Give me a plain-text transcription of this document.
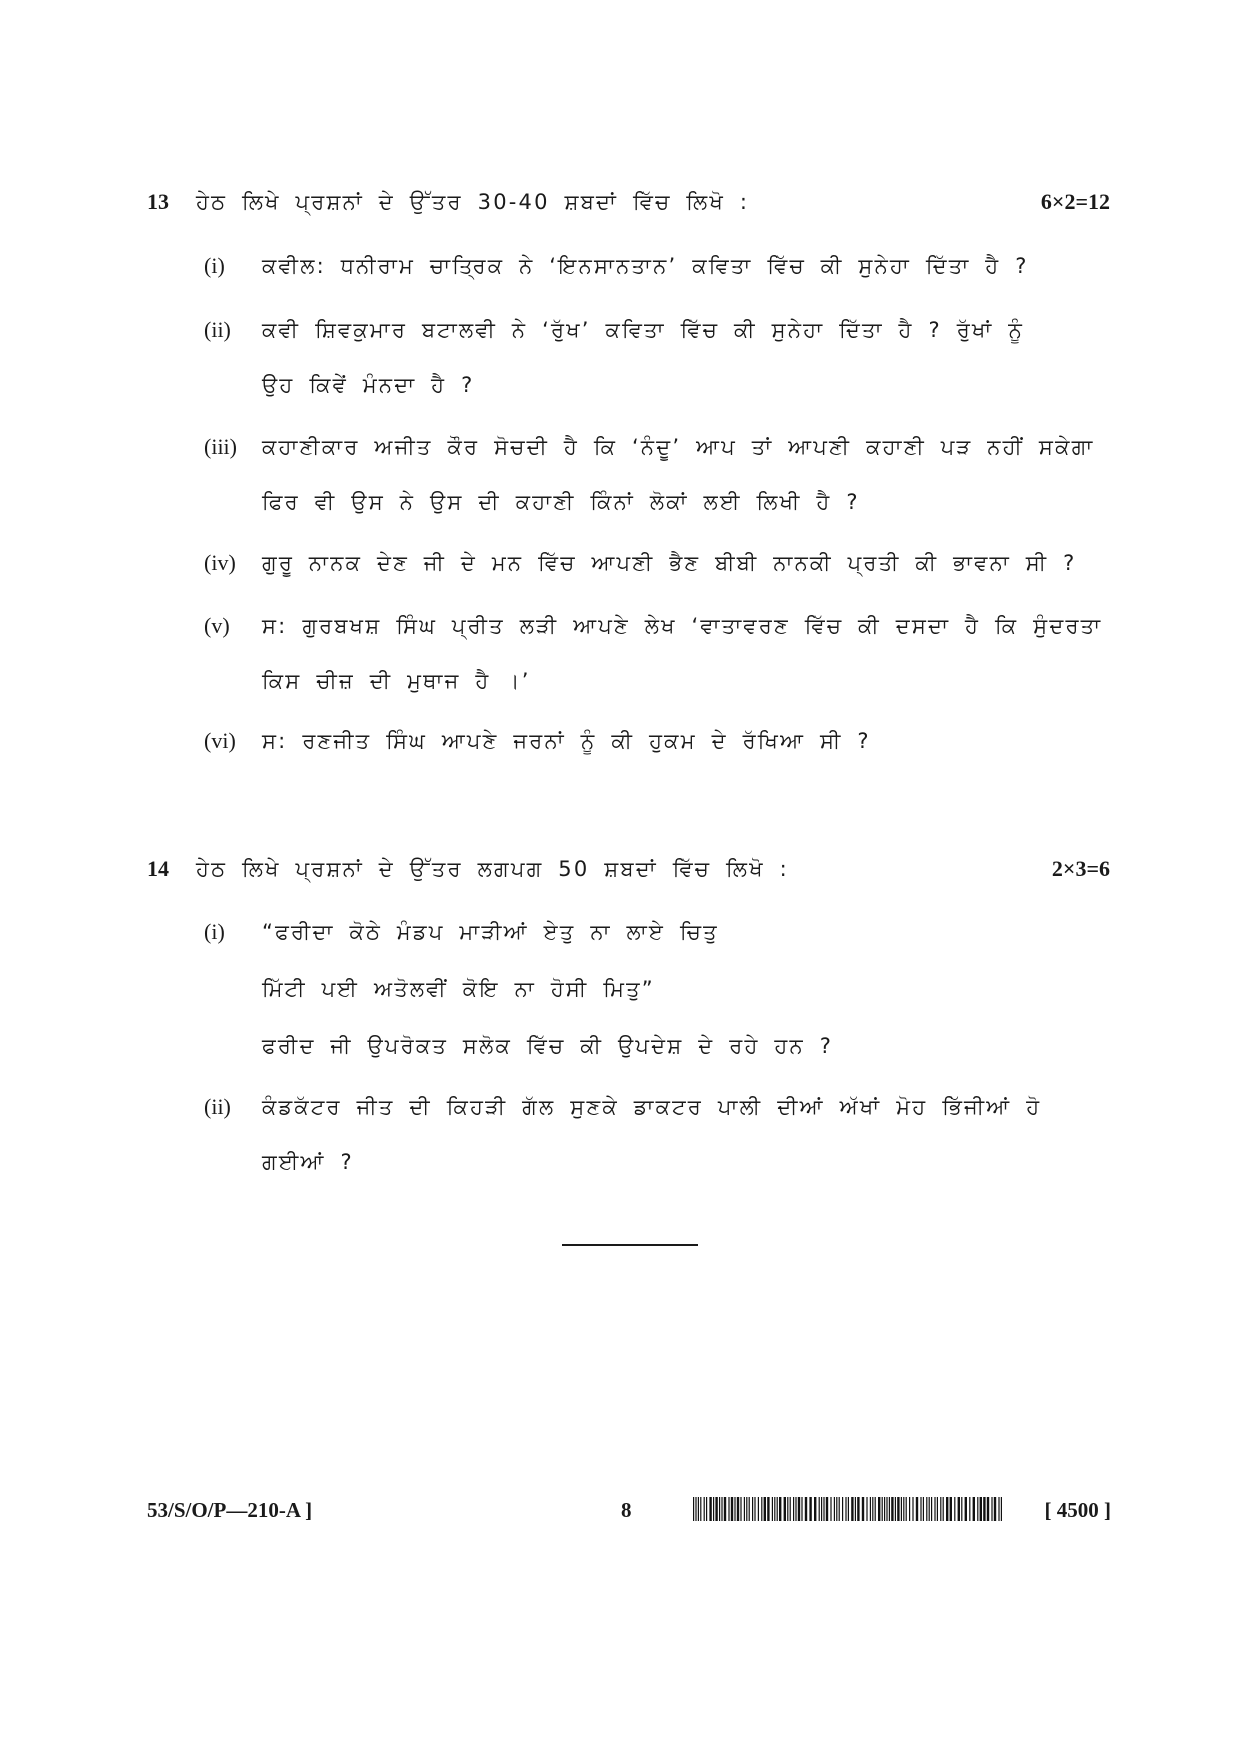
13 ਹੇਠ ਲਿਖੇ ਪ੍ਰਸ਼ਨਾਂ ਦੇ ਉੱਤਰ 30-40 ਸ਼ਬਦਾਂ ਵਿੱਚ ਲਿਖੋ :	6×2=12
(i) ਕਵੀਲ: ਧਨੀਰਾਮ ਚਾਤ੍ਰਿਕ ਨੇ ‘ਇਨਸਾਨਤਾਨ’ ਕਵਿਤਾ ਵਿੱਚ ਕੀ ਸੁਨੇਹਾ ਦਿੱਤਾ ਹੈ ?
(ii) ਕਵੀ ਸ਼ਿਵਕੁਮਾਰ ਬਟਾਲਵੀ ਨੇ ‘ਰੁੱਖ’ ਕਵਿਤਾ ਵਿੱਚ ਕੀ ਸੁਨੇਹਾ ਦਿੱਤਾ ਹੈ ? ਰੁੱਖਾਂ ਨੂੰ
ਉਹ ਕਿਵੇਂ ਮੰਨਦਾ ਹੈ ?
(iii) ਕਹਾਣੀਕਾਰ ਅਜੀਤ ਕੌਰ ਸੋਚਦੀ ਹੈ ਕਿ ‘ਨੰਦੂ’ ਆਪ ਤਾਂ ਆਪਣੀ ਕਹਾਣੀ ਪੜ ਨਹੀਂ ਸਕੇਗਾ
ਫਿਰ ਵੀ ਉਸ ਨੇ ਉਸ ਦੀ ਕਹਾਣੀ ਕਿੰਨਾਂ ਲੋਕਾਂ ਲਈ ਲਿਖੀ ਹੈ ?
(iv) ਗੁਰੂ ਨਾਨਕ ਦੇਣ ਜੀ ਦੇ ਮਨ ਵਿੱਚ ਆਪਣੀ ਭੈਣ ਬੀਬੀ ਨਾਨਕੀ ਪ੍ਰਤੀ ਕੀ ਭਾਵਨਾ ਸੀ ?
(v) ਸ: ਗੁਰਬਖਸ਼ ਸਿੰਘ ਪ੍ਰੀਤ ਲੜੀ ਆਪਣੇ ਲੇਖ ‘ਵਾਤਾਵਰਣ ਵਿੱਚ ਕੀ ਦਸਦਾ ਹੈ ਕਿ ਸੁੰਦਰਤਾ
ਕਿਸ ਚੀਜ਼ ਦੀ ਮੁਥਾਜ ਹੈ ।’
(vi) ਸ: ਰਣਜੀਤ ਸਿੰਘ ਆਪਣੇ ਜਰਨਾਂ ਨੂੰ ਕੀ ਹੁਕਮ ਦੇ ਰੱਖਿਆ ਸੀ ?
14 ਹੇਠ ਲਿਖੇ ਪ੍ਰਸ਼ਨਾਂ ਦੇ ਉੱਤਰ ਲਗਪਗ 50 ਸ਼ਬਦਾਂ ਵਿੱਚ ਲਿਖੋ :	2×3=6
(i) “ਫਰੀਦਾ ਕੋਠੇ ਮੰਡਪ ਮਾੜੀਆਂ ਏਤੁ ਨਾ ਲਾਏ ਚਿਤੁ
ਮਿੱਟੀ ਪਈ ਅਤੋਲਵੀਂ ਕੋਇ ਨਾ ਹੋਸੀ ਮਿਤੁ”
ਫਰੀਦ ਜੀ ਉਪਰੋਕਤ ਸਲੋਕ ਵਿੱਚ ਕੀ ਉਪਦੇਸ਼ ਦੇ ਰਹੇ ਹਨ ?
(ii) ਕੰਡਕੱਟਰ ਜੀਤ ਦੀ ਕਿਹੜੀ ਗੱਲ ਸੁਣਕੇ ਡਾਕਟਰ ਪਾਲੀ ਦੀਆਂ ਅੱਖਾਂ ਮੋਹ ਭਿੱਜੀਆਂ ਹੋ
ਗਈਆਂ ?
53/S/O/P—210-A ]	8	[ 4500 ]
